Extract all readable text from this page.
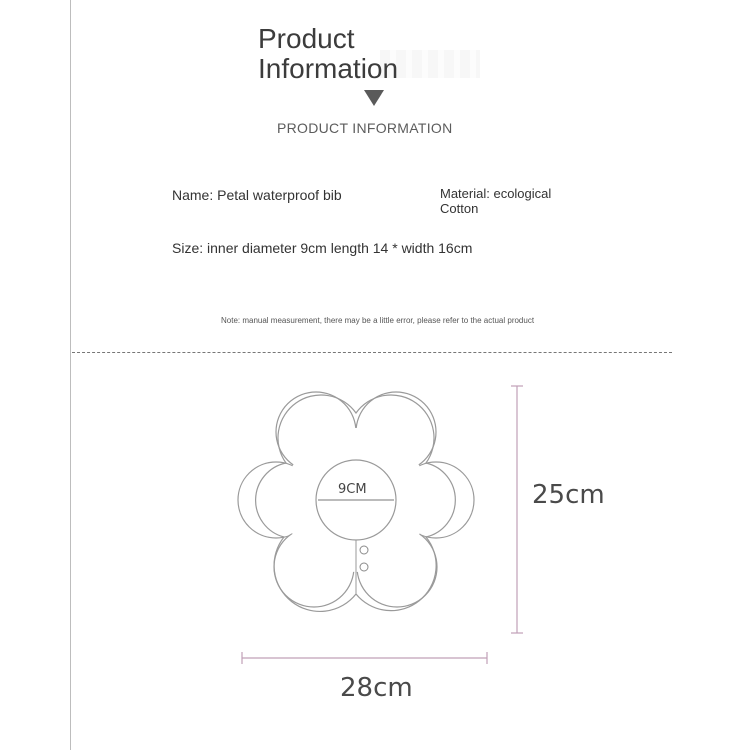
Product
Information
PRODUCT INFORMATION
Name: Petal waterproof bib	Material: ecological Cotton
Size: inner diameter 9cm length 14 * width 16cm
Note: manual measurement, there may be a little error, please refer to the actual product
9CM	25cm
28cm
